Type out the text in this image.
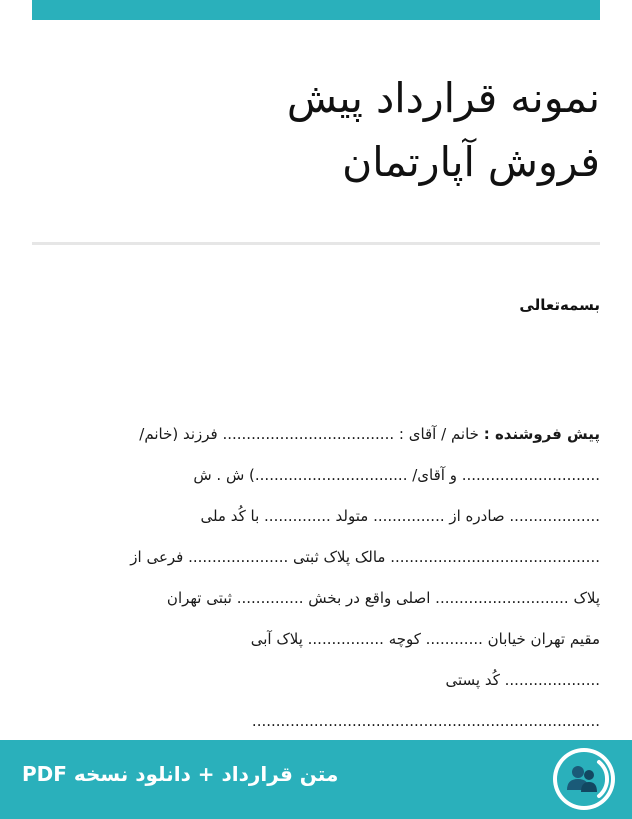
نمونه قرارداد پیش
فروش آپارتمان
بسمه‌تعالی
پیش فروشنده : خانم / آقای : .................................... فرزند (خانم/
............................. و آقای/ ................................) ش . ش
................... صادره از ............... متولد .............. با کُد ملی
............................................ مالک پلاک ثبتی ..................... فرعی از
پلاک ............................ اصلی واقع در بخش .............. ثبتی تهران
مقیم تهران خیابان ............ کوچه ................ پلاک آبی
.................... کُد پستی
.........................................................................
متن قرارداد + دانلود نسخه PDF
